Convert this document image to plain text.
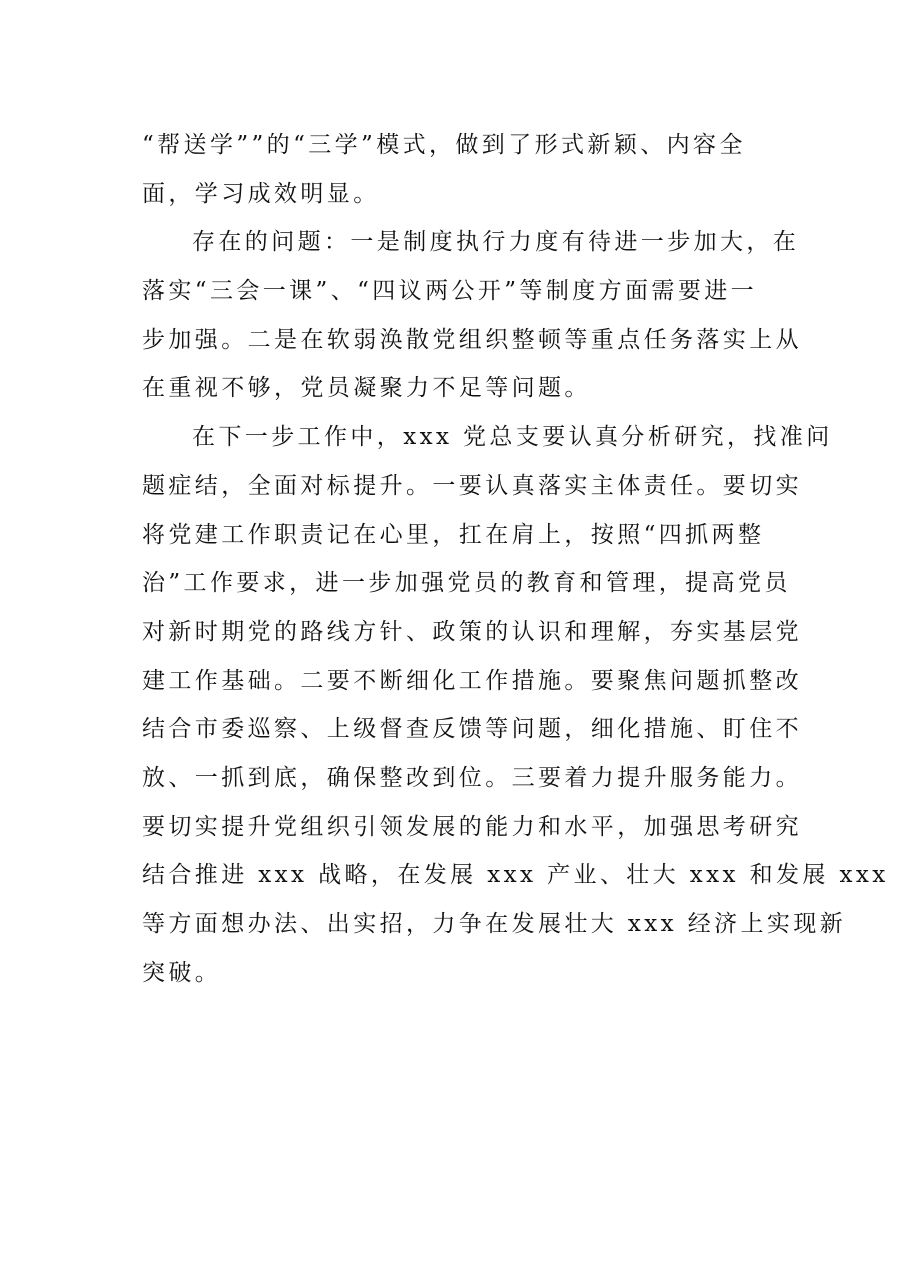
“帮送学””的“三学”模式，做到了形式新颖、内容全
面，学习成效明显。
存在的问题：一是制度执行力度有待进一步加大，在
落实“三会一课”、“四议两公开”等制度方面需要进一
步加强。二是在软弱涣散党组织整顿等重点任务落实上从
在重视不够，党员凝聚力不足等问题。
在下一步工作中，xxx 党总支要认真分析研究，找准问
题症结，全面对标提升。一要认真落实主体责任。要切实
将党建工作职责记在心里，扛在肩上，按照“四抓两整
治”工作要求，进一步加强党员的教育和管理，提高党员
对新时期党的路线方针、政策的认识和理解，夯实基层党
建工作基础。二要不断细化工作措施。要聚焦问题抓整改
结合市委巡察、上级督查反馈等问题，细化措施、盯住不
放、一抓到底，确保整改到位。三要着力提升服务能力。
要切实提升党组织引领发展的能力和水平，加强思考研究
结合推进 xxx 战略，在发展 xxx 产业、壮大 xxx 和发展 xxx
等方面想办法、出实招，力争在发展壮大 xxx 经济上实现新
突破。
